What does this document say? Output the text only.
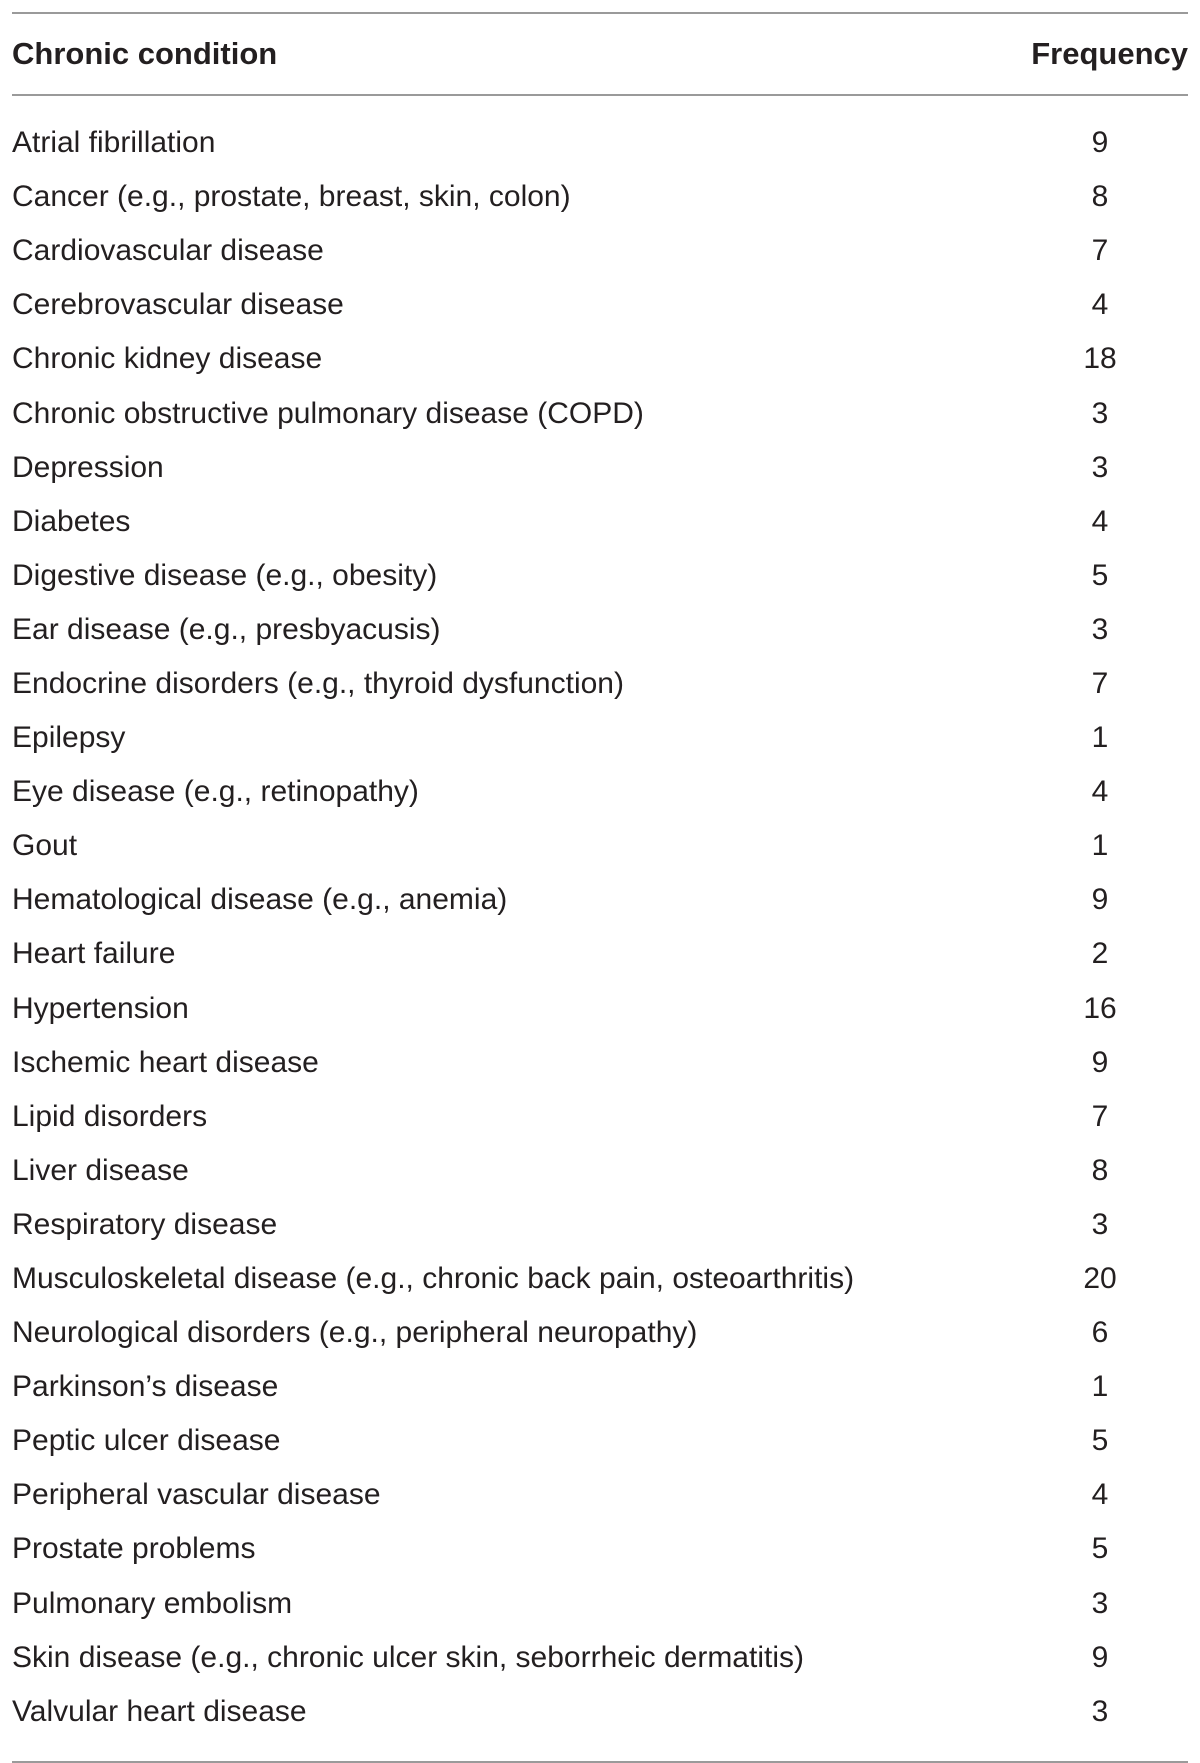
Chronic condition	Frequency
Atrial fibrillation	9
Cancer (e.g., prostate, breast, skin, colon)	8
Cardiovascular disease	7
Cerebrovascular disease	4
Chronic kidney disease	18
Chronic obstructive pulmonary disease (COPD)	3
Depression	3
Diabetes	4
Digestive disease (e.g., obesity)	5
Ear disease (e.g., presbyacusis)	3
Endocrine disorders (e.g., thyroid dysfunction)	7
Epilepsy	1
Eye disease (e.g., retinopathy)	4
Gout	1
Hematological disease (e.g., anemia)	9
Heart failure	2
Hypertension	16
Ischemic heart disease	9
Lipid disorders	7
Liver disease	8
Respiratory disease	3
Musculoskeletal disease (e.g., chronic back pain, osteoarthritis)	20
Neurological disorders (e.g., peripheral neuropathy)	6
Parkinson’s disease	1
Peptic ulcer disease	5
Peripheral vascular disease	4
Prostate problems	5
Pulmonary embolism	3
Skin disease (e.g., chronic ulcer skin, seborrheic dermatitis)	9
Valvular heart disease	3
